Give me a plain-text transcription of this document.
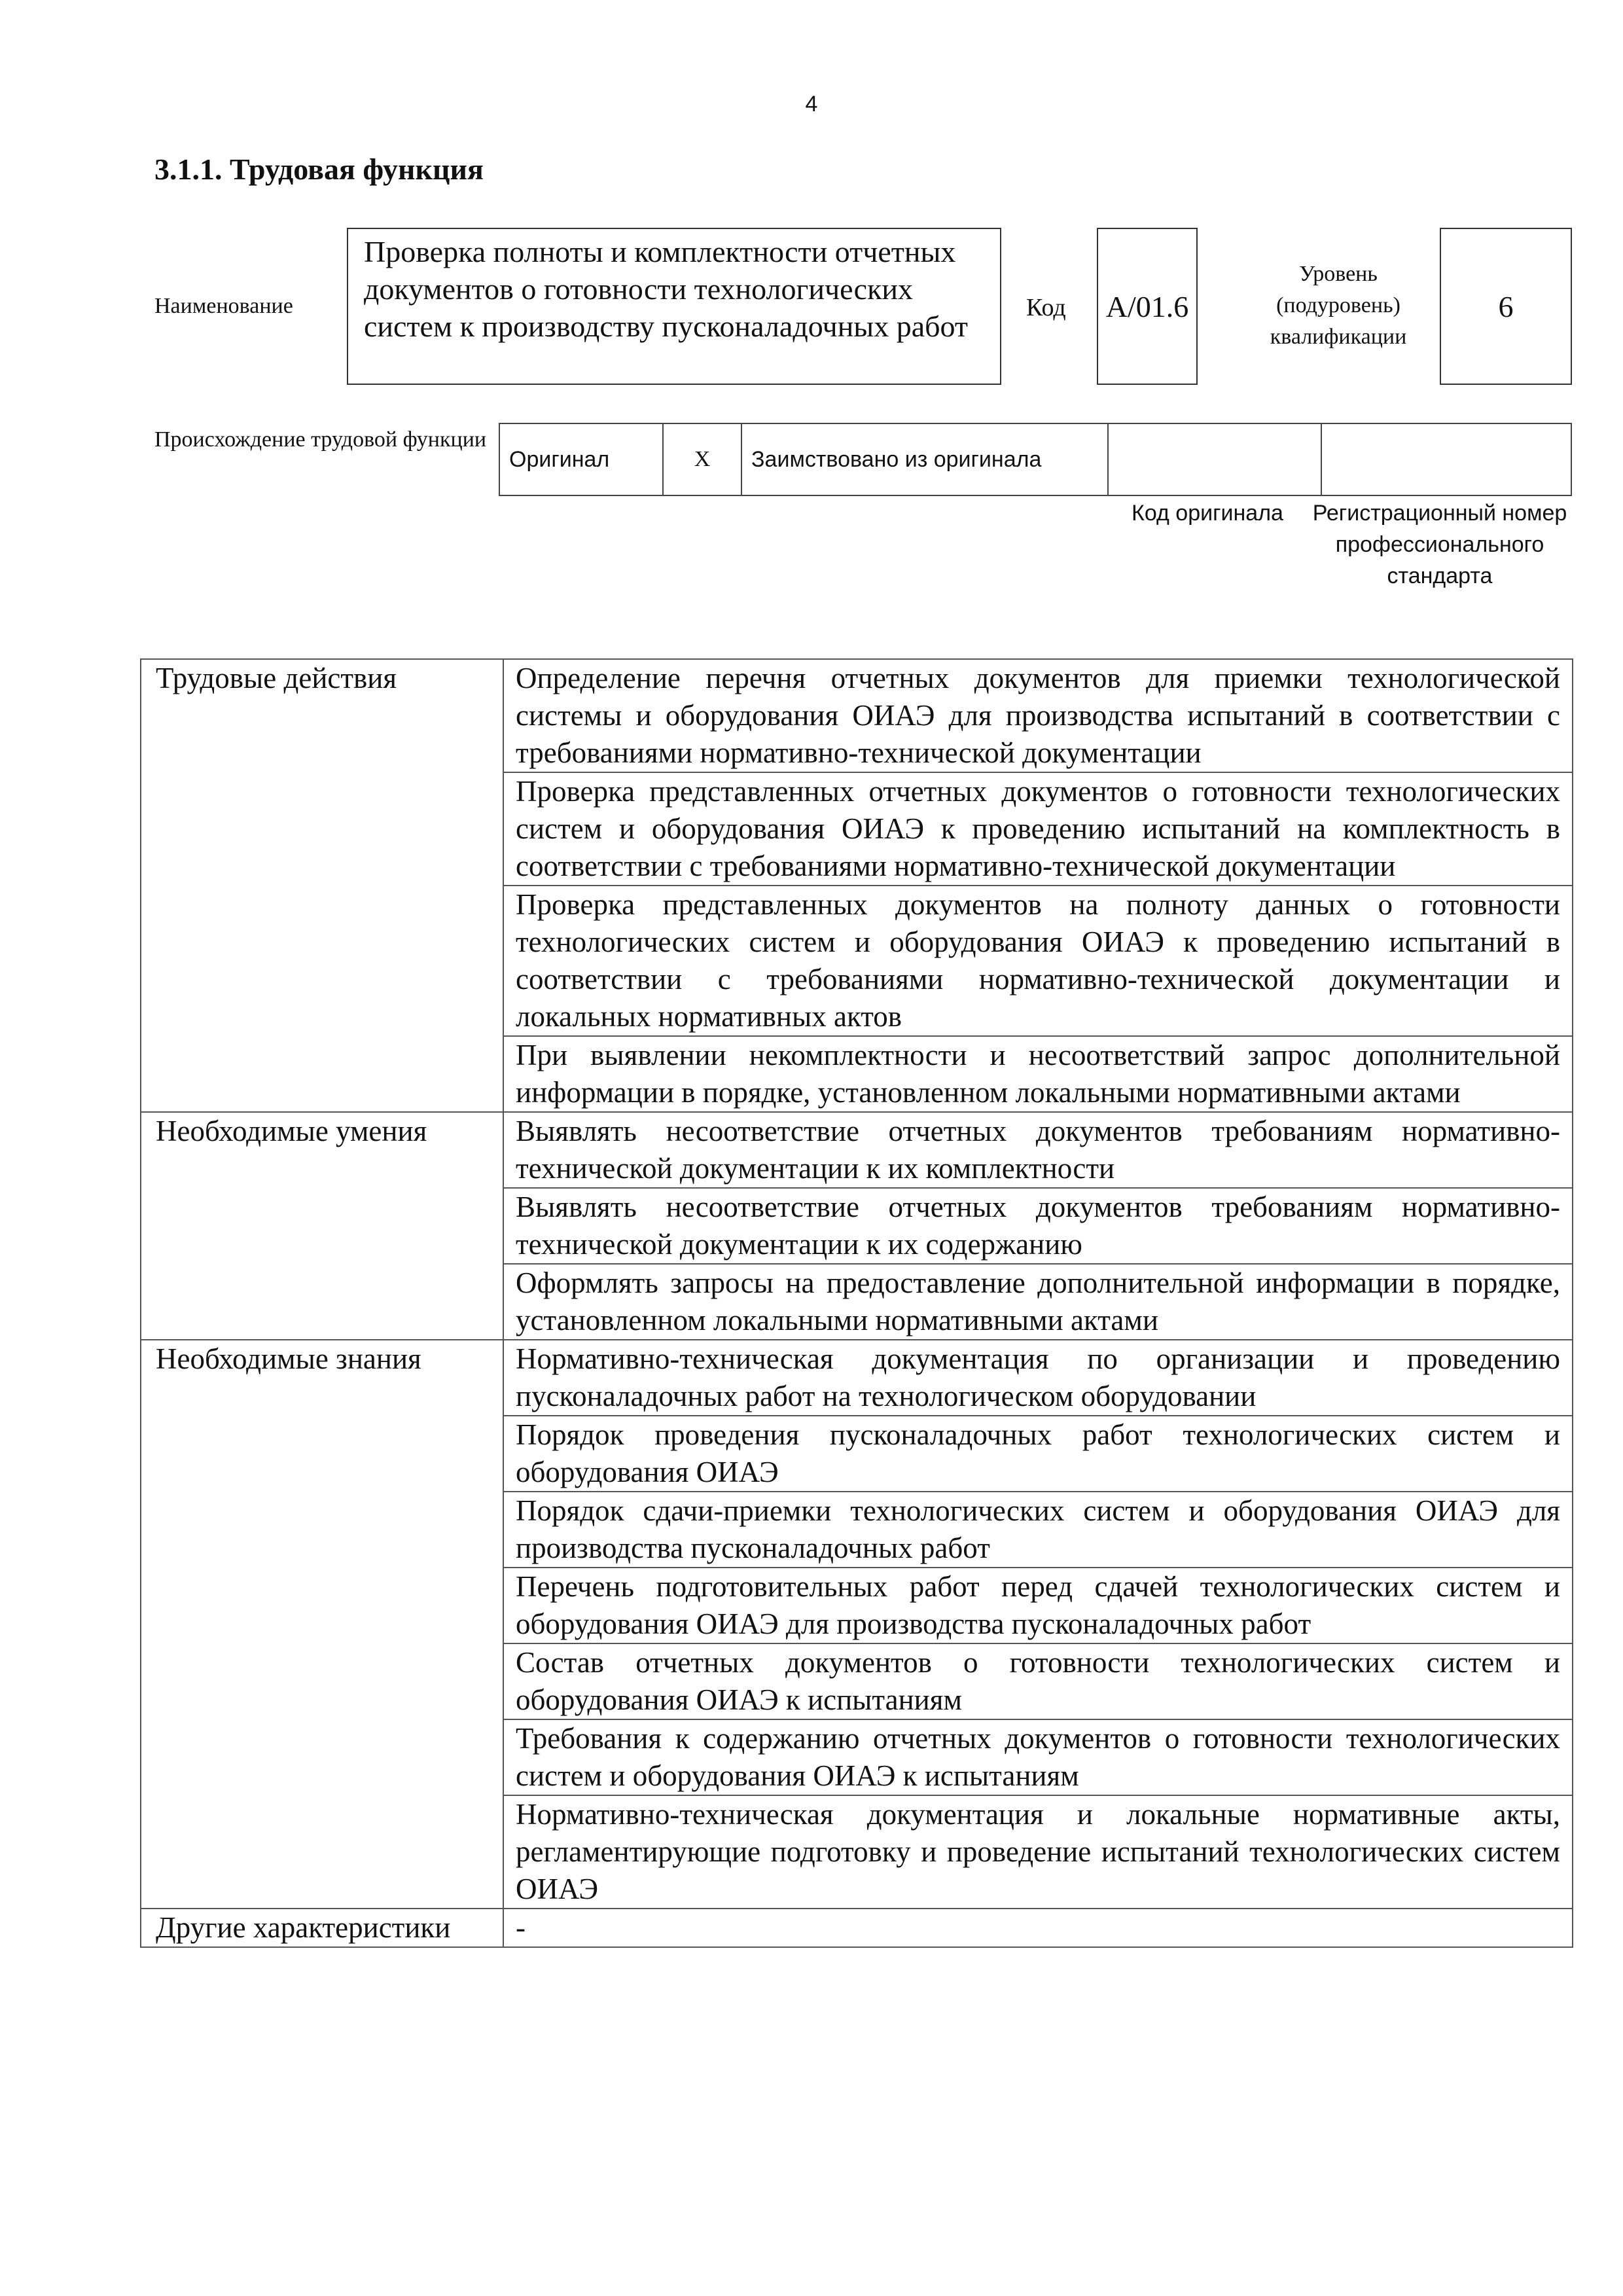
4
3.1.1. Трудовая функция
Наименование
Проверка полноты и комплектности отчетных документов о готовности технологических систем к производству пусконаладочных работ
Код А/01.6
Уровень (подуровень) квалификации
6
Происхождение трудовой функции
Оригинал	X	Заимствовано из оригинала		
Код оригинала	Регистрационный номер профессионального стандарта
Трудовые действия	Определение перечня отчетных документов для приемки технологической системы и оборудования ОИАЭ для производства испытаний в соответствии с требованиями нормативно-технической документации
	Проверка представленных отчетных документов о готовности технологических систем и оборудования ОИАЭ к проведению испытаний на комплектность в соответствии с требованиями нормативно-технической документации
	Проверка представленных документов на полноту данных о готовности технологических систем и оборудования ОИАЭ к проведению испытаний в соответствии с требованиями нормативно-технической документации и локальных нормативных актов
	При выявлении некомплектности и несоответствий запрос дополнительной информации в порядке, установленном локальными нормативными актами
Необходимые умения	Выявлять несоответствие отчетных документов требованиям нормативно-технической документации к их комплектности
	Выявлять несоответствие отчетных документов требованиям нормативно-технической документации к их содержанию
	Оформлять запросы на предоставление дополнительной информации в порядке, установленном локальными нормативными актами
Необходимые знания	Нормативно-техническая документация по организации и проведению пусконаладочных работ на технологическом оборудовании
	Порядок проведения пусконаладочных работ технологических систем и оборудования ОИАЭ
	Порядок сдачи-приемки технологических систем и оборудования ОИАЭ для производства пусконаладочных работ
	Перечень подготовительных работ перед сдачей технологических систем и оборудования ОИАЭ для производства пусконаладочных работ
	Состав отчетных документов о готовности технологических систем и оборудования ОИАЭ к испытаниям
	Требования к содержанию отчетных документов о готовности технологических систем и оборудования ОИАЭ к испытаниям
	Нормативно-техническая документация и локальные нормативные акты, регламентирующие подготовку и проведение испытаний технологических систем ОИАЭ
Другие характеристики	-
